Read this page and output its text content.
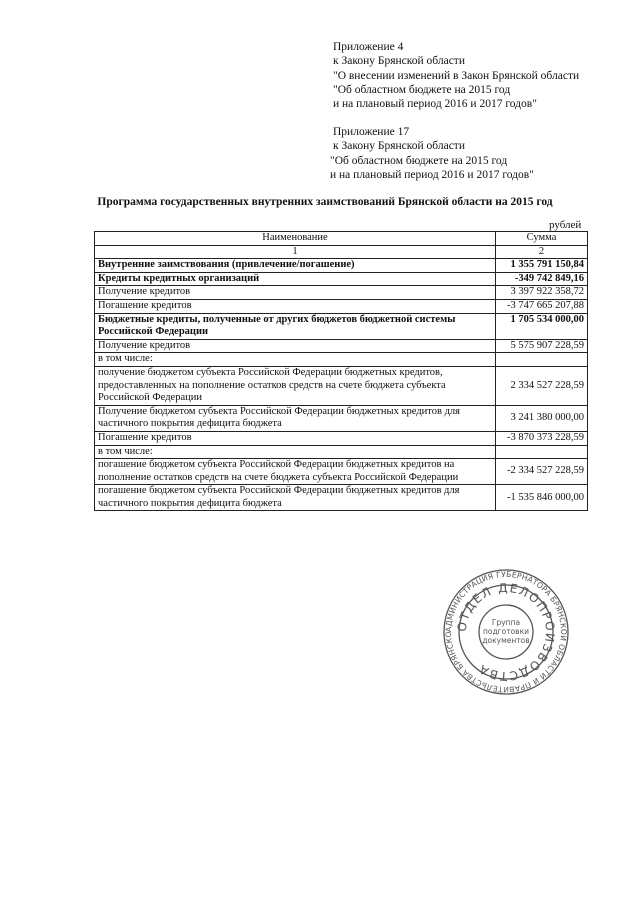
Приложение 4
к Закону Брянской области
"О внесении изменений в Закон Брянской области
"Об областном бюджете на 2015 год
и на плановый период 2016 и 2017 годов"
Приложение 17
к Закону Брянской области
"Об областном бюджете на 2015 год
и на плановый период 2016 и 2017 годов"
Программа государственных внутренних заимствований Брянской области на 2015 год
рублей
Наименование	Сумма
1	2
Внутренние заимствования (привлечение/погашение)	1 355 791 150,84
Кредиты кредитных организаций	-349 742 849,16
Получение кредитов	3 397 922 358,72
Погашение кредитов	-3 747 665 207,88
Бюджетные кредиты, полученные от других бюджетов бюджетной системы Российской Федерации	1 705 534 000,00
Получение кредитов	5 575 907 228,59
в том числе:	
получение бюджетом субъекта Российской Федерации бюджетных кредитов, предоставленных на пополнение остатков средств на счете бюджета субъекта Российской Федерации	2 334 527 228,59
Получение бюджетом субъекта Российской Федерации бюджетных кредитов для частичного покрытия дефицита бюджета	3 241 380 000,00
Погашение кредитов	-3 870 373 228,59
в том числе:	
погашение бюджетом субъекта Российской Федерации бюджетных кредитов на пополнение остатков средств на счете бюджета субъекта Российской Федерации	-2 334 527 228,59
погашение бюджетом субъекта Российской Федерации бюджетных кредитов для частичного покрытия дефицита бюджета	-1 535 846 000,00
АДМИНИСТРАЦИЯ ГУБЕРНАТОРА БРЯНСКОЙ ОБЛАСТИ И ПРАВИТЕЛЬСТВА БРЯНСКО
ОТДЕЛ ДЕЛОПРОИЗВОДСТВА
Группа
подготовки
документов
